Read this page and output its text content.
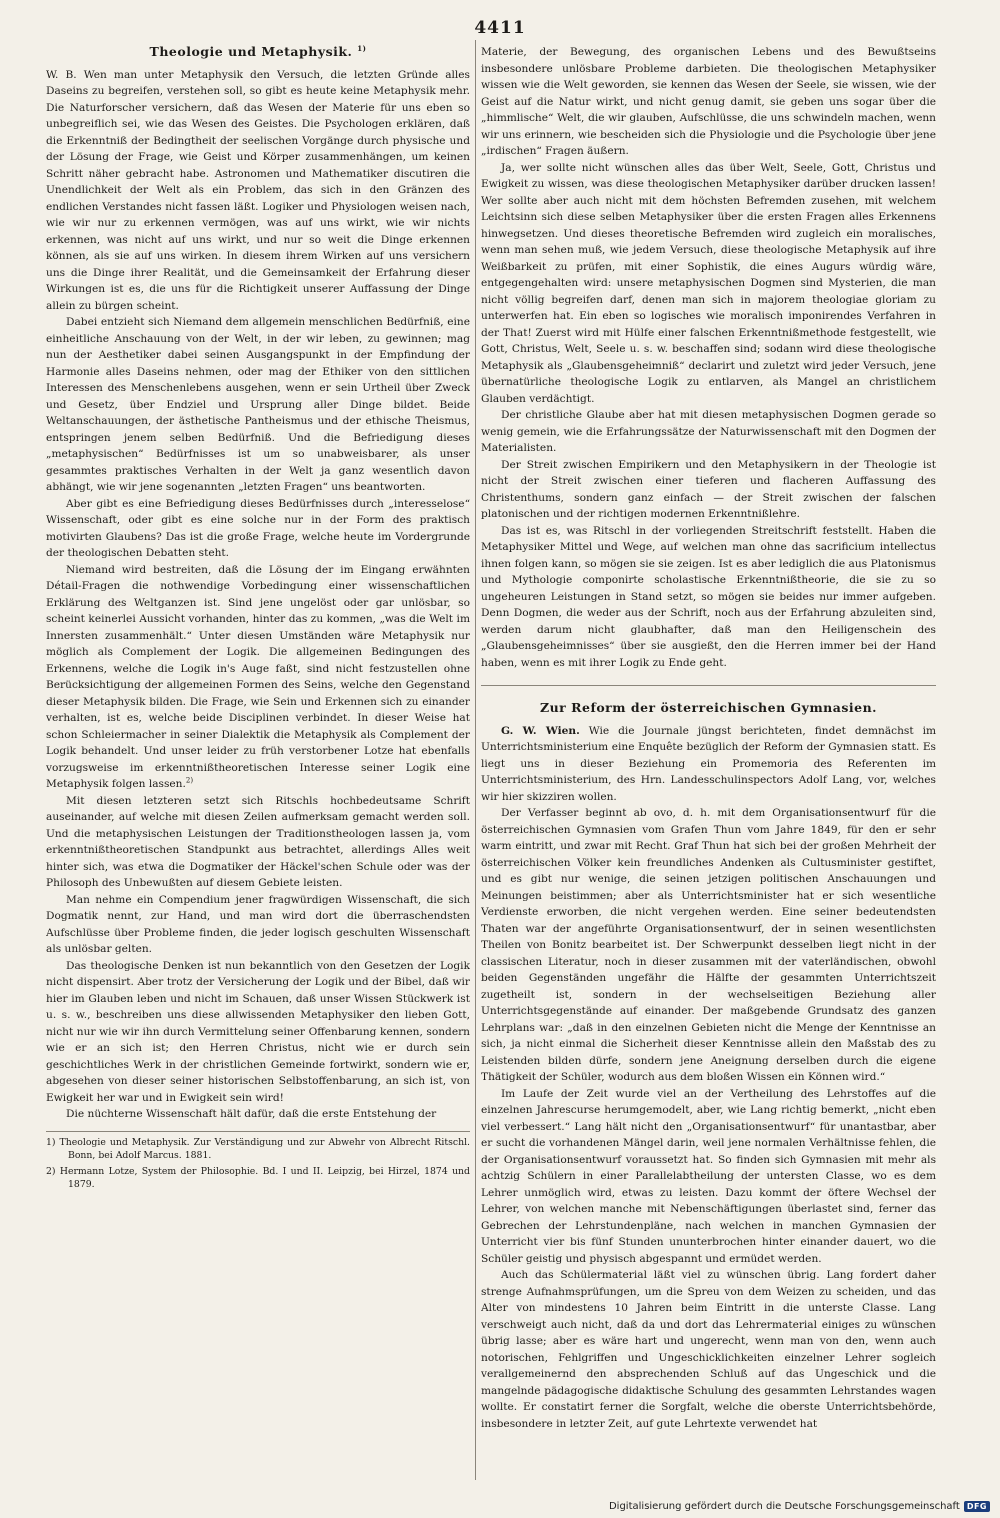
4411
Theologie und Metaphysik. $^{1)}$

W. B. Wen man unter Metaphysik den Versuch, die letzten Gründe alles Daseins zu begreifen, verstehen soll, so gibt es heute keine Metaphysik mehr. Die Naturforscher versichern, daß das Wesen der Materie für uns eben so unbegreiflich sei, wie das Wesen des Geistes. Die Psychologen erklären, daß die Erkenntniß der Bedingtheit der seelischen Vorgänge durch physische und der Lösung der Frage, wie Geist und Körper zusammenhängen, um keinen Schritt näher gebracht habe. Astronomen und Mathematiker discutiren die Unendlichkeit der Welt als ein Problem, das sich in den Gränzen des endlichen Verstandes nicht fassen läßt. Logiker und Physiologen weisen nach, wie wir nur zu erkennen vermögen, was auf uns wirkt, wie wir nichts erkennen, was nicht auf uns wirkt, und nur so weit die Dinge erkennen können, als sie auf uns wirken. In diesem ihrem Wirken auf uns versichern uns die Dinge ihrer Realität, und die Gemeinsamkeit der Erfahrung dieser Wirkungen ist es, die uns für die Richtigkeit unserer Auffassung der Dinge allein zu bürgen scheint.

Dabei entzieht sich Niemand dem allgemein menschlichen Bedürfniß, eine einheitliche Anschauung von der Welt, in der wir leben, zu gewinnen; mag nun der Aesthetiker dabei seinen Ausgangspunkt in der Empfindung der Harmonie alles Daseins nehmen, oder mag der Ethiker von den sittlichen Interessen des Menschenlebens ausgehen, wenn er sein Urtheil über Zweck und Gesetz, über Endziel und Ursprung aller Dinge bildet. Beide Weltanschauungen, der ästhetische Pantheismus und der ethische Theismus, entspringen jenem selben Bedürfniß. Und die Befriedigung dieses „metaphysischen“ Bedürfnisses ist um so unabweisbarer, als unser gesammtes praktisches Verhalten in der Welt ja ganz wesentlich davon abhängt, wie wir jene sogenannten „letzten Fragen“ uns beantworten.

Aber gibt es eine Befriedigung dieses Bedürfnisses durch „interesselose“ Wissenschaft, oder gibt es eine solche nur in der Form des praktisch motivirten Glaubens? Das ist die große Frage, welche heute im Vordergrunde der theologischen Debatten steht.

Niemand wird bestreiten, daß die Lösung der im Eingang erwähnten Détail-Fragen die nothwendige Vorbedingung einer wissenschaftlichen Erklärung des Weltganzen ist. Sind jene ungelöst oder gar unlösbar, so scheint keinerlei Aussicht vorhanden, hinter das zu kommen, „was die Welt im Innersten zusammenhält.“ Unter diesen Umständen wäre Metaphysik nur möglich als Complement der Logik. Die allgemeinen Bedingungen des Erkennens, welche die Logik in's Auge faßt, sind nicht festzustellen ohne Berücksichtigung der allgemeinen Formen des Seins, welche den Gegenstand dieser Metaphysik bilden. Die Frage, wie Sein und Erkennen sich zu einander verhalten, ist es, welche beide Disciplinen verbindet. In dieser Weise hat schon Schleiermacher in seiner Dialektik die Metaphysik als Complement der Logik behandelt. Und unser leider zu früh verstorbener Lotze hat ebenfalls vorzugsweise im erkenntnißtheoretischen Interesse seiner Logik eine Metaphysik folgen lassen.$^{2)}$

Mit diesen letzteren setzt sich Ritschls hochbedeutsame Schrift auseinander, auf welche mit diesen Zeilen aufmerksam gemacht werden soll. Und die metaphysischen Leistungen der Traditionstheologen lassen ja, vom erkenntnißtheoretischen Standpunkt aus betrachtet, allerdings Alles weit hinter sich, was etwa die Dogmatiker der Häckel'schen Schule oder was der Philosoph des Unbewußten auf diesem Gebiete leisten.

Man nehme ein Compendium jener fragwürdigen Wissenschaft, die sich Dogmatik nennt, zur Hand, und man wird dort die überraschendsten Aufschlüsse über Probleme finden, die jeder logisch geschulten Wissenschaft als unlösbar gelten.

Das theologische Denken ist nun bekanntlich von den Gesetzen der Logik nicht dispensirt. Aber trotz der Versicherung der Logik und der Bibel, daß wir hier im Glauben leben und nicht im Schauen, daß unser Wissen Stückwerk ist u. s. w., beschreiben uns diese allwissenden Metaphysiker den lieben Gott, nicht nur wie wir ihn durch Vermittelung seiner Offenbarung kennen, sondern wie er an sich ist; den Herren Christus, nicht wie er durch sein geschichtliches Werk in der christlichen Gemeinde fortwirkt, sondern wie er, abgesehen von dieser seiner historischen Selbstoffenbarung, an sich ist, von Ewigkeit her war und in Ewigkeit sein wird!

Die nüchterne Wissenschaft hält dafür, daß die erste Entstehung der

1) Theologie und Metaphysik. Zur Verständigung und zur Abwehr von Albrecht Ritschl. Bonn, bei Adolf Marcus. 1881.
2) Hermann Lotze, System der Philosophie. Bd. I und II. Leipzig, bei Hirzel, 1874 und 1879.

Materie, der Bewegung, des organischen Lebens und des Bewußtseins insbesondere unlösbare Probleme darbieten. Die theologischen Metaphysiker wissen wie die Welt geworden, sie kennen das Wesen der Seele, sie wissen, wie der Geist auf die Natur wirkt, und nicht genug damit, sie geben uns sogar über die „himmlische“ Welt, die wir glauben, Aufschlüsse, die uns schwindeln machen, wenn wir uns erinnern, wie bescheiden sich die Physiologie und die Psychologie über jene „irdischen“ Fragen äußern.

Ja, wer sollte nicht wünschen alles das über Welt, Seele, Gott, Christus und Ewigkeit zu wissen, was diese theologischen Metaphysiker darüber drucken lassen! Wer sollte aber auch nicht mit dem höchsten Befremden zusehen, mit welchem Leichtsinn sich diese selben Metaphysiker über die ersten Fragen alles Erkennens hinwegsetzen. Und dieses theoretische Befremden wird zugleich ein moralisches, wenn man sehen muß, wie jedem Versuch, diese theologische Metaphysik auf ihre Weißbarkeit zu prüfen, mit einer Sophistik, die eines Augurs würdig wäre, entgegengehalten wird: unsere metaphysischen Dogmen sind Mysterien, die man nicht völlig begreifen darf, denen man sich in majorem theologiae gloriam zu unterwerfen hat. Ein eben so logisches wie moralisch imponirendes Verfahren in der That! Zuerst wird mit Hülfe einer falschen Erkenntnißmethode festgestellt, wie Gott, Christus, Welt, Seele u. s. w. beschaffen sind; sodann wird diese theologische Metaphysik als „Glaubensgeheimniß“ declarirt und zuletzt wird jeder Versuch, jene übernatürliche theologische Logik zu entlarven, als Mangel an christlichem Glauben verdächtigt.

Der christliche Glaube aber hat mit diesen metaphysischen Dogmen gerade so wenig gemein, wie die Erfahrungssätze der Naturwissenschaft mit den Dogmen der Materialisten.

Der Streit zwischen Empirikern und den Metaphysikern in der Theologie ist nicht der Streit zwischen einer tieferen und flacheren Auffassung des Christenthums, sondern ganz einfach — der Streit zwischen der falschen platonischen und der richtigen modernen Erkenntnißlehre.

Das ist es, was Ritschl in der vorliegenden Streitschrift feststellt. Haben die Metaphysiker Mittel und Wege, auf welchen man ohne das sacrificium intellectus ihnen folgen kann, so mögen sie sie zeigen. Ist es aber lediglich die aus Platonismus und Mythologie componirte scholastische Erkenntnißtheorie, die sie zu so ungeheuren Leistungen in Stand setzt, so mögen sie beides nur immer aufgeben. Denn Dogmen, die weder aus der Schrift, noch aus der Erfahrung abzuleiten sind, werden darum nicht glaubhafter, daß man den Heiligenschein des „Glaubensgeheimnisses“ über sie ausgießt, den die Herren immer bei der Hand haben, wenn es mit ihrer Logik zu Ende geht.

Zur Reform der österreichischen Gymnasien.

G. W. Wien. Wie die Journale jüngst berichteten, findet demnächst im Unterrichtsministerium eine Enquête bezüglich der Reform der Gymnasien statt. Es liegt uns in dieser Beziehung ein Promemoria des Referenten im Unterrichtsministerium, des Hrn. Landesschulinspectors Adolf Lang, vor, welches wir hier skizziren wollen.

Der Verfasser beginnt ab ovo, d. h. mit dem Organisationsentwurf für die österreichischen Gymnasien vom Grafen Thun vom Jahre 1849, für den er sehr warm eintritt, und zwar mit Recht. Graf Thun hat sich bei der großen Mehrheit der österreichischen Völker kein freundliches Andenken als Cultusminister gestiftet, und es gibt nur wenige, die seinen jetzigen politischen Anschauungen und Meinungen beistimmen; aber als Unterrichtsminister hat er sich wesentliche Verdienste erworben, die nicht vergehen werden. Eine seiner bedeutendsten Thaten war der angeführte Organisationsentwurf, der in seinen wesentlichsten Theilen von Bonitz bearbeitet ist. Der Schwerpunkt desselben liegt nicht in der classischen Literatur, noch in dieser zusammen mit der vaterländischen, obwohl beiden Gegenständen ungefähr die Hälfte der gesammten Unterrichtszeit zugetheilt ist, sondern in der wechselseitigen Beziehung aller Unterrichtsgegenstände auf einander. Der maßgebende Grundsatz des ganzen Lehrplans war: „daß in den einzelnen Gebieten nicht die Menge der Kenntnisse an sich, ja nicht einmal die Sicherheit dieser Kenntnisse allein den Maßstab des zu Leistenden bilden dürfe, sondern jene Aneignung derselben durch die eigene Thätigkeit der Schüler, wodurch aus dem bloßen Wissen ein Können wird.“

Im Laufe der Zeit wurde viel an der Vertheilung des Lehrstoffes auf die einzelnen Jahrescurse herumgemodelt, aber, wie Lang richtig bemerkt, „nicht eben viel verbessert.“ Lang hält nicht den „Organisationsentwurf“ für unantastbar, aber er sucht die vorhandenen Mängel darin, weil jene normalen Verhältnisse fehlen, die der Organisationsentwurf voraussetzt hat. So finden sich Gymnasien mit mehr als achtzig Schülern in einer Parallelabtheilung der untersten Classe, wo es dem Lehrer unmöglich wird, etwas zu leisten. Dazu kommt der öftere Wechsel der Lehrer, von welchen manche mit Nebenschäftigungen überlastet sind, ferner das Gebrechen der Lehrstundenpläne, nach welchen in manchen Gymnasien der Unterricht vier bis fünf Stunden ununterbrochen hinter einander dauert, wo die Schüler geistig und physisch abgespannt und ermüdet werden.

Auch das Schülermaterial läßt viel zu wünschen übrig. Lang fordert daher strenge Aufnahmsprüfungen, um die Spreu von dem Weizen zu scheiden, und das Alter von mindestens 10 Jahren beim Eintritt in die unterste Classe. Lang verschweigt auch nicht, daß da und dort das Lehrermaterial einiges zu wünschen übrig lasse; aber es wäre hart und ungerecht, wenn man von den, wenn auch notorischen, Fehlgriffen und Ungeschicklichkeiten einzelner Lehrer sogleich verallgemeinernd den absprechenden Schluß auf das Ungeschick und die mangelnde pädagogische didaktische Schulung des gesammten Lehrstandes wagen wollte. Er constatirt ferner die Sorgfalt, welche die oberste Unterrichtsbehörde, insbesondere in letzter Zeit, auf gute Lehrtexte verwendet hat

Digitalisierung gefördert durch die Deutsche Forschungsgemeinschaft DFG
